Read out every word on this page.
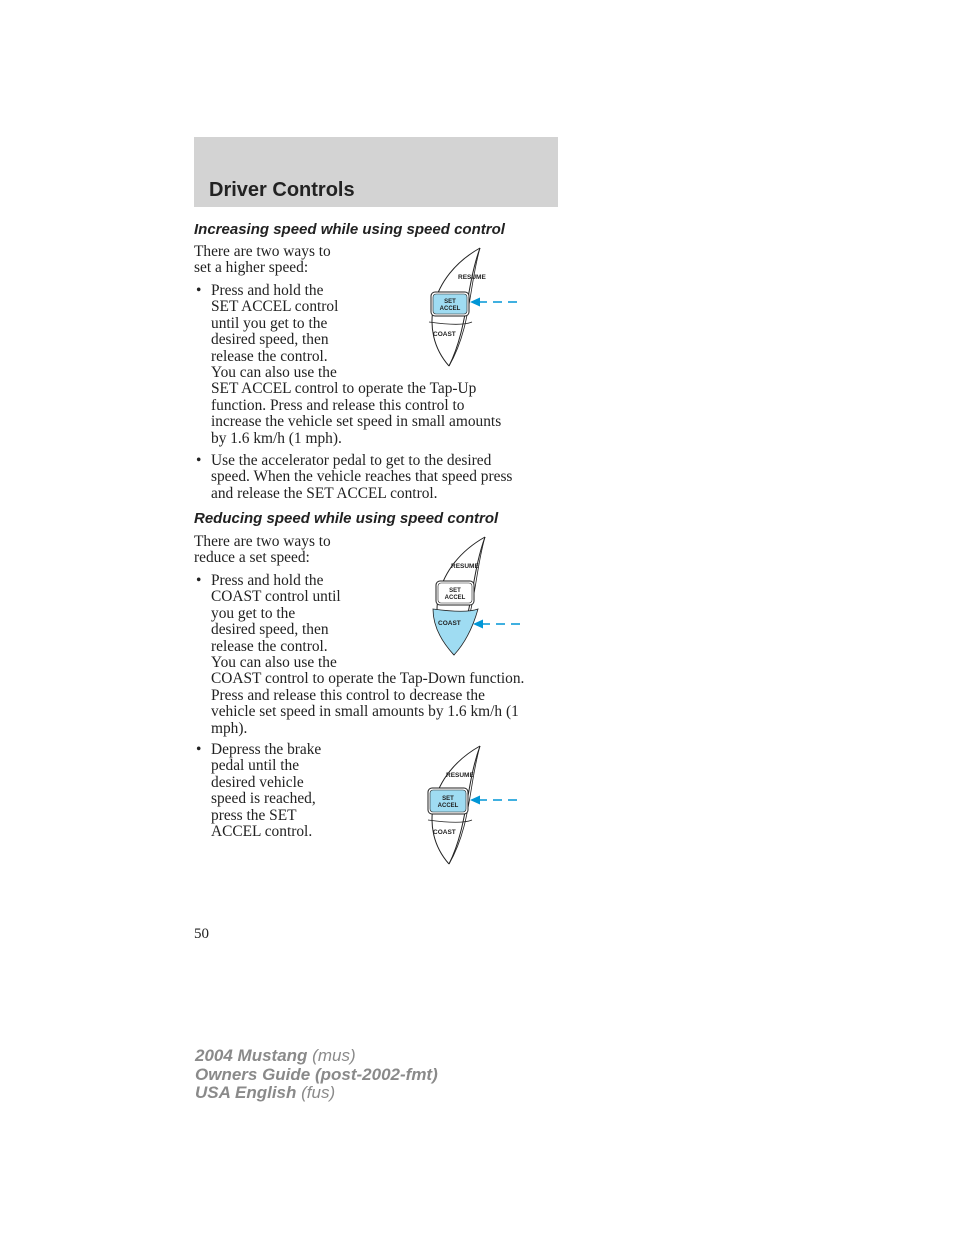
Driver Controls
Increasing speed while using speed control
There are two ways to
set a higher speed:
• Press and hold the
SET ACCEL control
until you get to the
desired speed, then
release the control.
You can also use the
SET ACCEL control to operate the Tap-Up
function. Press and release this control to
increase the vehicle set speed in small amounts
by 1.6 km/h (1 mph).
• Use the accelerator pedal to get to the desired
speed. When the vehicle reaches that speed press
and release the SET ACCEL control.
RESUME
SET
ACCEL
COAST
Reducing speed while using speed control
There are two ways to
reduce a set speed:
• Press and hold the
COAST control until
you get to the
desired speed, then
release the control.
You can also use the
COAST control to operate the Tap-Down function.
Press and release this control to decrease the
vehicle set speed in small amounts by 1.6 km/h (1
mph).
• Depress the brake
pedal until the
desired vehicle
speed is reached,
press the SET
ACCEL control.
RESUME
SET
ACCEL
COAST
RESUME
SET
ACCEL
COAST

50

2004 Mustang (mus)
Owners Guide (post-2002-fmt)
USA English (fus)
